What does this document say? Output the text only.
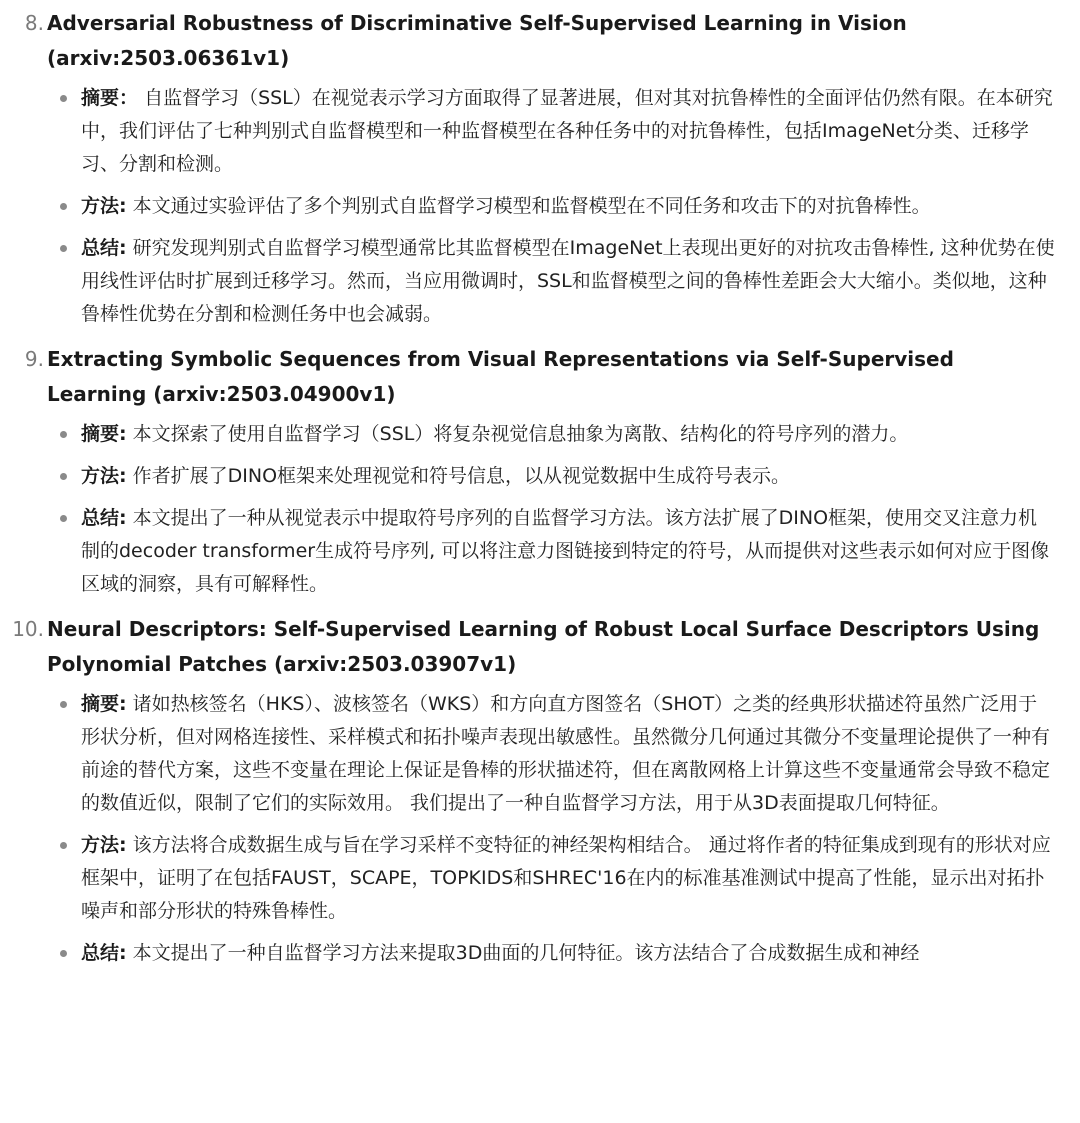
8. Adversarial Robustness of Discriminative Self-Supervised Learning in Vision (arxiv:2503.06361v1)
摘要： 自监督学习（SSL）在视觉表示学习方面取得了显著进展，但对其对抗鲁棒性的全面评估仍然有限。在本研究中，我们评估了七种判别式自监督模型和一种监督模型在各种任务中的对抗鲁棒性，包括ImageNet分类、迁移学习、分割和检测。
方法: 本文通过实验评估了多个判别式自监督学习模型和监督模型在不同任务和攻击下的对抗鲁棒性。
总结: 研究发现判别式自监督学习模型通常比其监督模型在ImageNet上表现出更好的对抗攻击鲁棒性, 这种优势在使用线性评估时扩展到迁移学习。然而，当应用微调时，SSL和监督模型之间的鲁棒性差距会大大缩小。类似地，这种鲁棒性优势在分割和检测任务中也会减弱。
9. Extracting Symbolic Sequences from Visual Representations via Self-Supervised Learning (arxiv:2503.04900v1)
摘要: 本文探索了使用自监督学习（SSL）将复杂视觉信息抽象为离散、结构化的符号序列的潜力。
方法: 作者扩展了DINO框架来处理视觉和符号信息，以从视觉数据中生成符号表示。
总结: 本文提出了一种从视觉表示中提取符号序列的自监督学习方法。该方法扩展了DINO框架，使用交叉注意力机制的decoder transformer生成符号序列, 可以将注意力图链接到特定的符号，从而提供对这些表示如何对应于图像区域的洞察，具有可解释性。
10. Neural Descriptors: Self-Supervised Learning of Robust Local Surface Descriptors Using Polynomial Patches (arxiv:2503.03907v1)
摘要: 诸如热核签名（HKS）、波核签名（WKS）和方向直方图签名（SHOT）之类的经典形状描述符虽然广泛用于形状分析，但对网格连接性、采样模式和拓扑噪声表现出敏感性。虽然微分几何通过其微分不变量理论提供了一种有前途的替代方案，这些不变量在理论上保证是鲁棒的形状描述符，但在离散网格上计算这些不变量通常会导致不稳定的数值近似，限制了它们的实际效用。 我们提出了一种自监督学习方法，用于从3D表面提取几何特征。
方法: 该方法将合成数据生成与旨在学习采样不变特征的神经架构相结合。 通过将作者的特征集成到现有的形状对应框架中，证明了在包括FAUST，SCAPE，TOPKIDS和SHREC'16在内的标准基准测试中提高了性能，显示出对拓扑噪声和部分形状的特殊鲁棒性。
总结: 本文提出了一种自监督学习方法来提取3D曲面的几何特征。该方法结合了合成数据生成和神经
